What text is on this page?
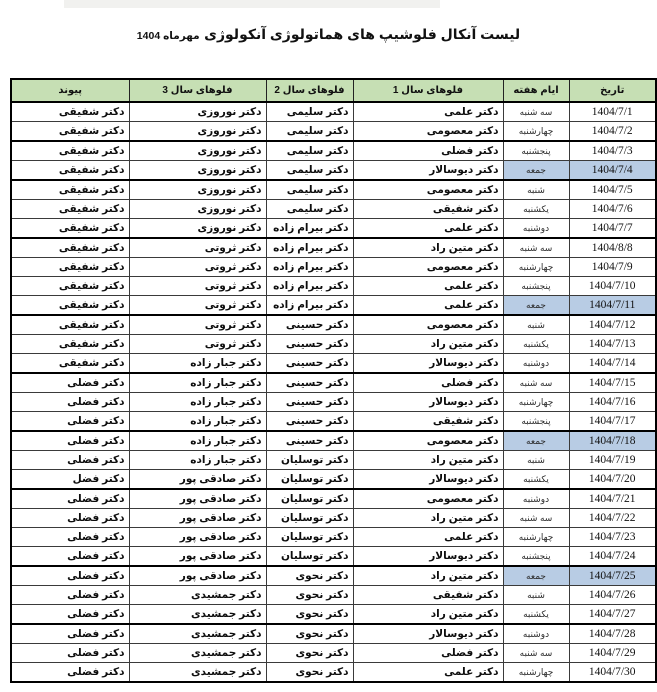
لیست آنکال فلوشیپ های هماتولوژی آنکولوژی مهرماه 1404
تاریخ	ایام هفته	فلوهای سال 1	فلوهای سال 2	فلوهای سال 3	پیوند
1404/7/1	سه شنبه	دکتر علمی	دکتر سلیمی	دکتر نوروزی	دکتر شفیقی
1404/7/2	چهارشنبه	دکتر معصومی	دکتر سلیمی	دکتر نوروزی	دکتر شفیقی
1404/7/3	پنجشنبه	دکتر فضلی	دکتر سلیمی	دکتر نوروزی	دکتر شفیقی
1404/7/4	جمعه	دکتر دیوسالار	دکتر سلیمی	دکتر نوروزی	دکتر شفیقی
1404/7/5	شنبه	دکتر معصومی	دکتر سلیمی	دکتر نوروزی	دکتر شفیقی
1404/7/6	یکشنبه	دکتر شفیقی	دکتر سلیمی	دکتر نوروزی	دکتر شفیقی
1404/7/7	دوشنبه	دکتر علمی	دکتر بیرام زاده	دکتر نوروزی	دکتر شفیقی
1404/8/8	سه شنبه	دکتر متین راد	دکتر بیرام زاده	دکتر ثروتی	دکتر شفیقی
1404/7/9	چهارشنبه	دکتر معصومی	دکتر بیرام زاده	دکتر ثروتی	دکتر شفیقی
1404/7/10	پنجشنبه	دکتر علمی	دکتر بیرام زاده	دکتر ثروتی	دکتر شفیقی
1404/7/11	جمعه	دکتر علمی	دکتر بیرام زاده	دکتر ثروتی	دکتر شفیقی
1404/7/12	شنبه	دکتر معصومی	دکتر حسینی	دکتر ثروتی	دکتر شفیقی
1404/7/13	یکشنبه	دکتر متین راد	دکتر حسینی	دکتر ثروتی	دکتر شفیقی
1404/7/14	دوشنبه	دکتر دیوسالار	دکتر حسینی	دکتر جبار زاده	دکتر شفیقی
1404/7/15	سه شنبه	دکتر فضلی	دکتر حسینی	دکتر جبار زاده	دکتر فضلی
1404/7/16	چهارشنبه	دکتر دیوسالار	دکتر حسینی	دکتر جبار زاده	دکتر فضلی
1404/7/17	پنجشنبه	دکتر شفیقی	دکتر حسینی	دکتر جبار زاده	دکتر فضلی
1404/7/18	جمعه	دکتر معصومی	دکتر حسینی	دکتر جبار زاده	دکتر فضلی
1404/7/19	شنبه	دکتر متین راد	دکتر توسلیان	دکتر جبار زاده	دکتر فضلی
1404/7/20	یکشنبه	دکتر دیوسالار	دکتر توسلیان	دکتر صادقی پور	دکتر فضل
1404/7/21	دوشنبه	دکتر معصومی	دکتر توسلیان	دکتر صادقی پور	دکتر فضلی
1404/7/22	سه شنبه	دکتر متین راد	دکتر توسلیان	دکتر صادقی پور	دکتر فضلی
1404/7/23	چهارشنبه	دکتر علمی	دکتر توسلیان	دکتر صادقی پور	دکتر فضلی
1404/7/24	پنجشنبه	دکتر دیوسالار	دکتر توسلیان	دکتر صادقی پور	دکتر فضلی
1404/7/25	جمعه	دکتر متین راد	دکتر نحوی	دکتر صادقی پور	دکتر فضلی
1404/7/26	شنبه	دکتر شفیقی	دکتر نحوی	دکتر جمشیدی	دکتر فضلی
1404/7/27	یکشنبه	دکتر متین راد	دکتر نحوی	دکتر جمشیدی	دکتر فضلی
1404/7/28	دوشنبه	دکتر دیوسالار	دکتر نحوی	دکتر جمشیدی	دکتر فضلی
1404/7/29	سه شنبه	دکتر فضلی	دکتر نحوی	دکتر جمشیدی	دکتر فضلی
1404/7/30	چهارشنبه	دکتر علمی	دکتر نحوی	دکتر جمشیدی	دکتر فضلی
